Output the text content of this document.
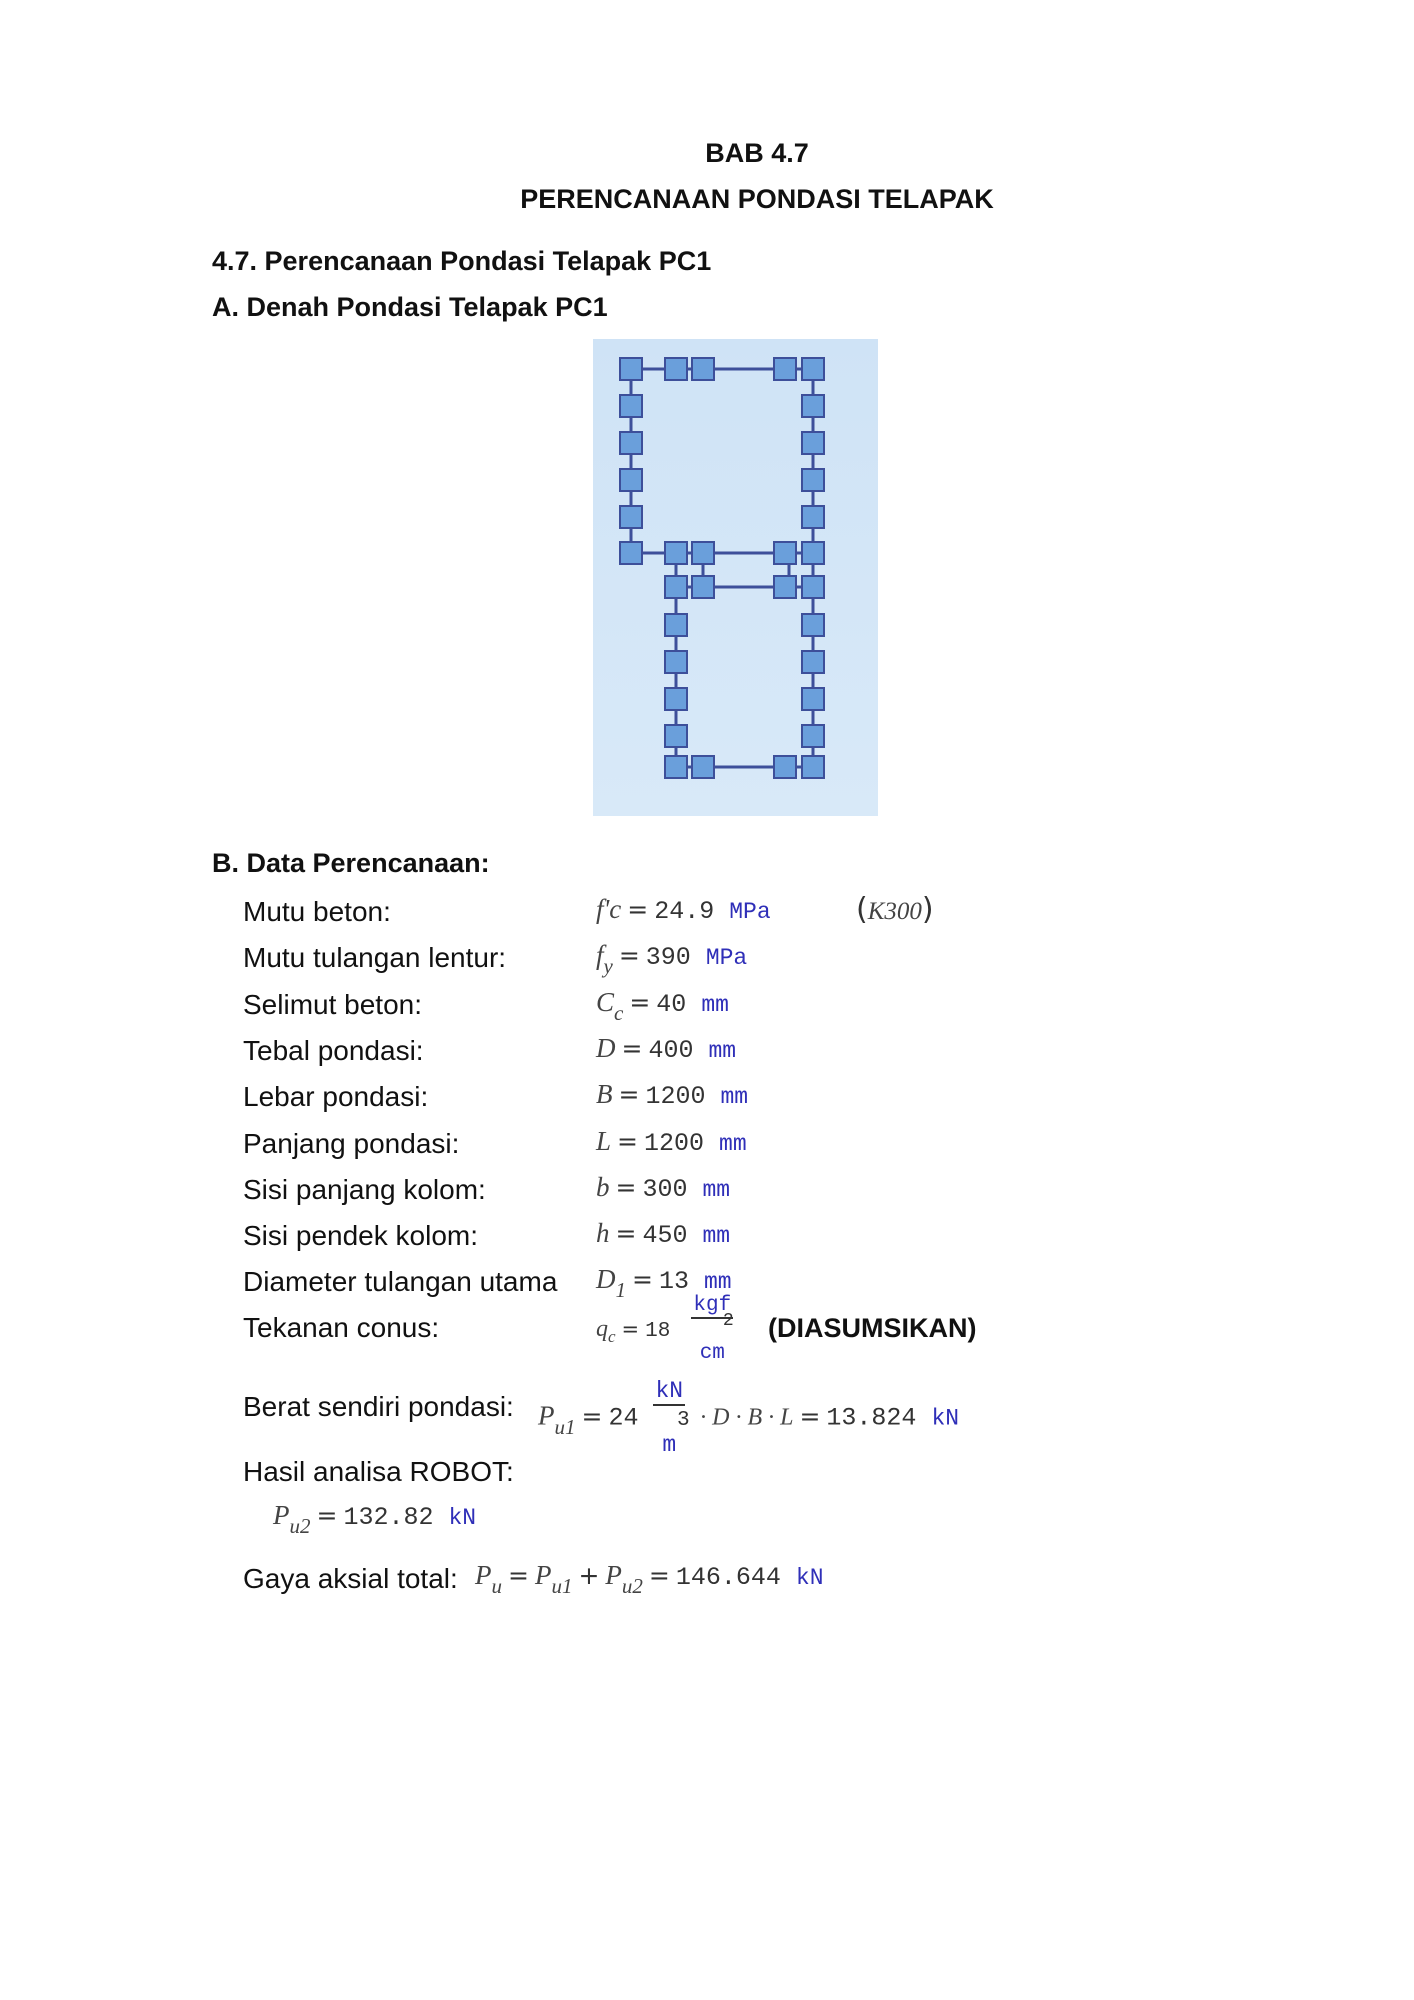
BAB 4.7
PERENCANAAN PONDASI TELAPAK
4.7. Perencanaan Pondasi Telapak PC1
A. Denah Pondasi Telapak PC1
B. Data Perencanaan:
Mutu beton:	f'c = 24.9 MPa	(K300)
Mutu tulangan lentur:	$f_y = 390$ MPa
Selimut beton:	$C_c = 40$ mm
Tebal pondasi:	D = 400 mm
Lebar pondasi:	B = 1200 mm
Panjang pondasi:	L = 1200 mm
Sisi panjang kolom:	b = 300 mm
Sisi pendek kolom:	h = 450 mm
Diameter tulangan utama $D_1 = 13$ mm
Tekanan conus:	$q_c = 18$
kgf
2
cm
(DIASUMSIKAN)
Berat sendiri pondasi: $P_{u1} = 24$
kN
3
m
· D · B · L = 13.824 kN
Hasil analisa ROBOT:
$P_{u2} = 132.82$ kN
Gaya aksial total: $P_u = P_{u1} + P_{u2} = 146.644$ kN
